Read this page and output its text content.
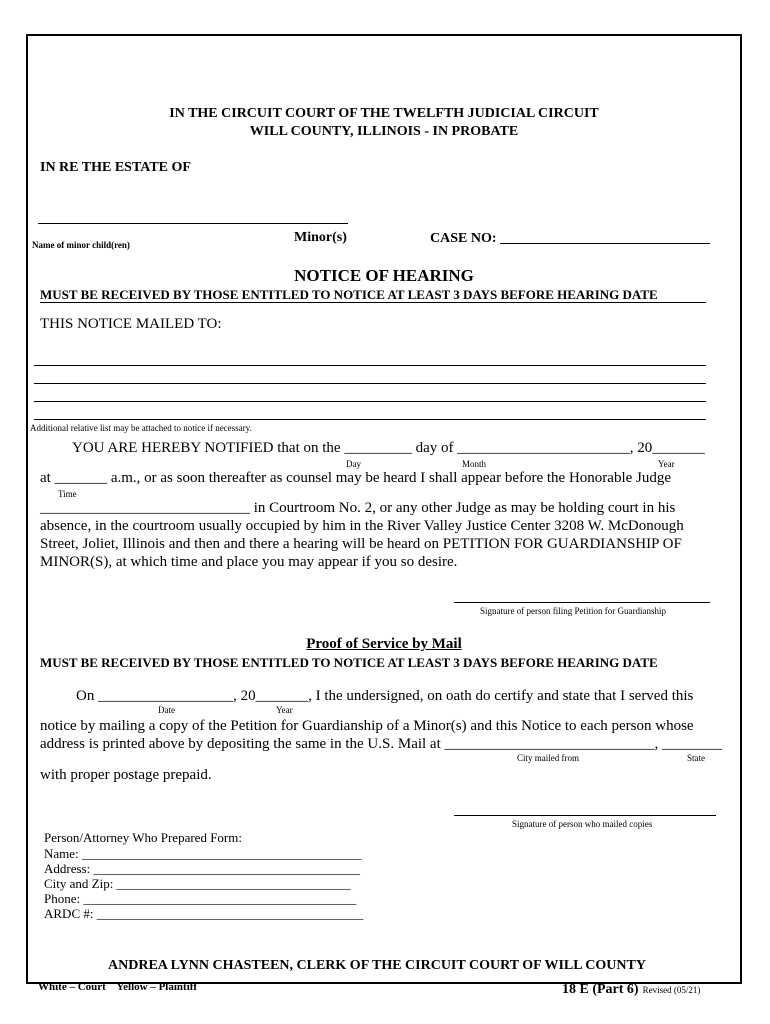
IN THE CIRCUIT COURT OF THE TWELFTH JUDICIAL CIRCUIT
WILL COUNTY, ILLINOIS - IN PROBATE
IN RE THE ESTATE OF
Name of minor child(ren)	Minor(s)	CASE NO: ______________________________
NOTICE OF HEARING
MUST BE RECEIVED BY THOSE ENTITLED TO NOTICE AT LEAST 3 DAYS BEFORE HEARING DATE
THIS NOTICE MAILED TO:
Additional relative list may be attached to notice if necessary.
YOU ARE HEREBY NOTIFIED that on the _________ day of _______________________, 20_______
Day	Month	Year
at _______ a.m., or as soon thereafter as counsel may be heard I shall appear before the Honorable Judge
Time
____________________________ in Courtroom No. 2, or any other Judge as may be holding court in his
absence, in the courtroom usually occupied by him in the River Valley Justice Center 3208 W. McDonough
Street, Joliet, Illinois and then and there a hearing will be heard on PETITION FOR GUARDIANSHIP OF
MINOR(S), at which time and place you may appear if you so desire.
Signature of person filing Petition for Guardianship
Proof of Service by Mail
MUST BE RECEIVED BY THOSE ENTITLED TO NOTICE AT LEAST 3 DAYS BEFORE HEARING DATE
On __________________, 20_______, I the undersigned, on oath do certify and state that I served this
Date	Year
notice by mailing a copy of the Petition for Guardianship of a Minor(s) and this Notice to each person whose
address is printed above by depositing the same in the U.S. Mail at ____________________________, ________
City mailed from	State
with proper postage prepaid.
Signature of person who mailed copies
Person/Attorney Who Prepared Form:
Name: ___________________________________________
Address: _________________________________________
City and Zip: ____________________________________
Phone: __________________________________________
ARDC #: _________________________________________
ANDREA LYNN CHASTEEN, CLERK OF THE CIRCUIT COURT OF WILL COUNTY
White – Court    Yellow – Plaintiff	18 E (Part 6) Revised (05/21)
